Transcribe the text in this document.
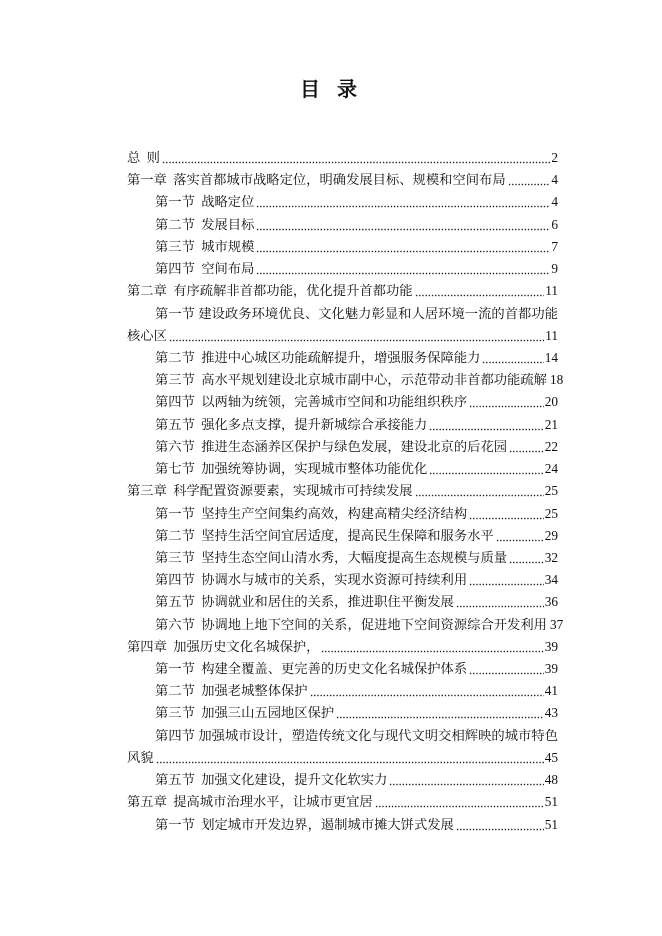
目 录
总 则	2
第一章 落实首都城市战略定位，明确发展目标、规模和空间布局	4
第一节 战略定位	4
第二节 发展目标	6
第三节 城市规模	7
第四节 空间布局	9
第二章 有序疏解非首都功能，优化提升首都功能	11
第一节 建设政务环境优良、文化魅力彰显和人居环境一流的首都功能
核心区	11
第二节 推进中心城区功能疏解提升，增强服务保障能力	14
第三节 高水平规划建设北京城市副中心，示范带动非首都功能疏解 18
第四节 以两轴为统领，完善城市空间和功能组织秩序	20
第五节 强化多点支撑，提升新城综合承接能力	21
第六节 推进生态涵养区保护与绿色发展，建设北京的后花园	22
第七节 加强统筹协调，实现城市整体功能优化	24
第三章 科学配置资源要素，实现城市可持续发展	25
第一节 坚持生产空间集约高效，构建高精尖经济结构	25
第二节 坚持生活空间宜居适度，提高民生保障和服务水平	29
第三节 坚持生态空间山清水秀，大幅度提高生态规模与质量	32
第四节 协调水与城市的关系，实现水资源可持续利用	34
第五节 协调就业和居住的关系，推进职住平衡发展	36
第六节 协调地上地下空间的关系，促进地下空间资源综合开发利用 37
第四章 加强历史文化名城保护，	39
第一节 构建全覆盖、更完善的历史文化名城保护体系	39
第二节 加强老城整体保护	41
第三节 加强三山五园地区保护	43
第四节 加强城市设计，塑造传统文化与现代文明交相辉映的城市特色
风貌	45
第五节 加强文化建设，提升文化软实力	48
第五章 提高城市治理水平，让城市更宜居	51
第一节 划定城市开发边界，遏制城市摊大饼式发展	51
